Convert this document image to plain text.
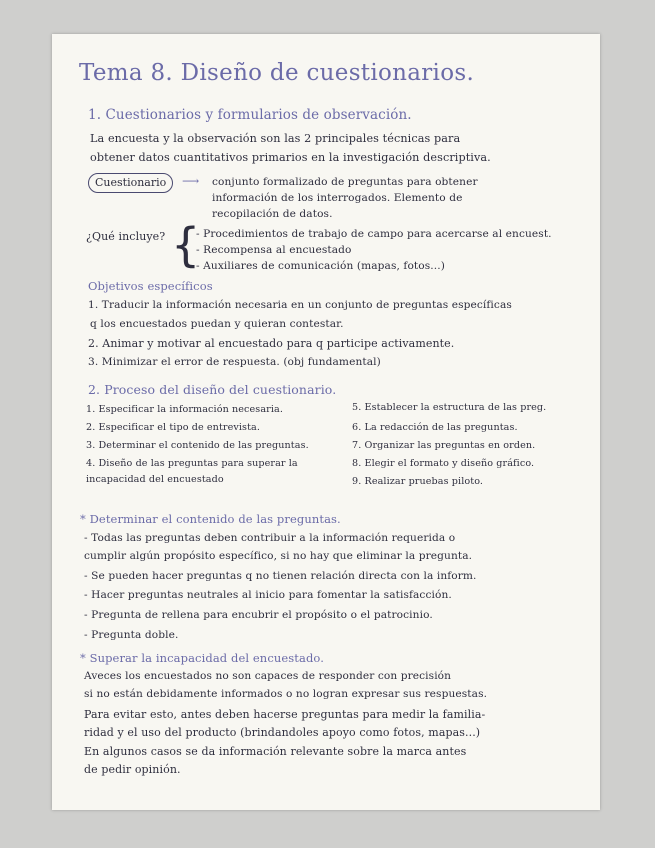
Tema 8. Diseño de cuestionarios.
1. Cuestionarios y formularios de observación.
La encuesta y la observación son las 2 principales técnicas para
obtener datos cuantitativos primarios en la investigación descriptiva.
Cuestionario	⟶ conjunto formalizado de preguntas para obtener
información de los interrogados. Elemento de
recopilación de datos.
¿Qué incluye? {
- Procedimientos de trabajo de campo para acercarse al encuest.
- Recompensa al encuestado
- Auxiliares de comunicación (mapas, fotos...)
Objetivos específicos
1. Traducir la información necesaria en un conjunto de preguntas específicas
q los encuestados puedan y quieran contestar.
2. Animar y motivar al encuestado para q participe activamente.
3. Minimizar el error de respuesta. (obj fundamental)
2. Proceso del diseño del cuestionario.
1. Especificar la información necesaria.
2. Especificar el tipo de entrevista.
3. Determinar el contenido de las preguntas.
4. Diseño de las preguntas para superar la
incapacidad del encuestado
5. Establecer la estructura de las preg.
6. La redacción de las preguntas.
7. Organizar las preguntas en orden.
8. Elegir el formato y diseño gráfico.
9. Realizar pruebas piloto.
* Determinar el contenido de las preguntas.
- Todas las preguntas deben contribuir a la información requerida o
cumplir algún propósito específico, si no hay que eliminar la pregunta.
- Se pueden hacer preguntas q no tienen relación directa con la inform.
- Hacer preguntas neutrales al inicio para fomentar la satisfacción.
- Pregunta de rellena para encubrir el propósito o el patrocinio.
- Pregunta doble.
* Superar la incapacidad del encuestado.
Aveces los encuestados no son capaces de responder con precisión
si no están debidamente informados o no logran expresar sus respuestas.
Para evitar esto, antes deben hacerse preguntas para medir la familia-
ridad y el uso del producto (brindandoles apoyo como fotos, mapas...)
En algunos casos se da información relevante sobre la marca antes
de pedir opinión.
